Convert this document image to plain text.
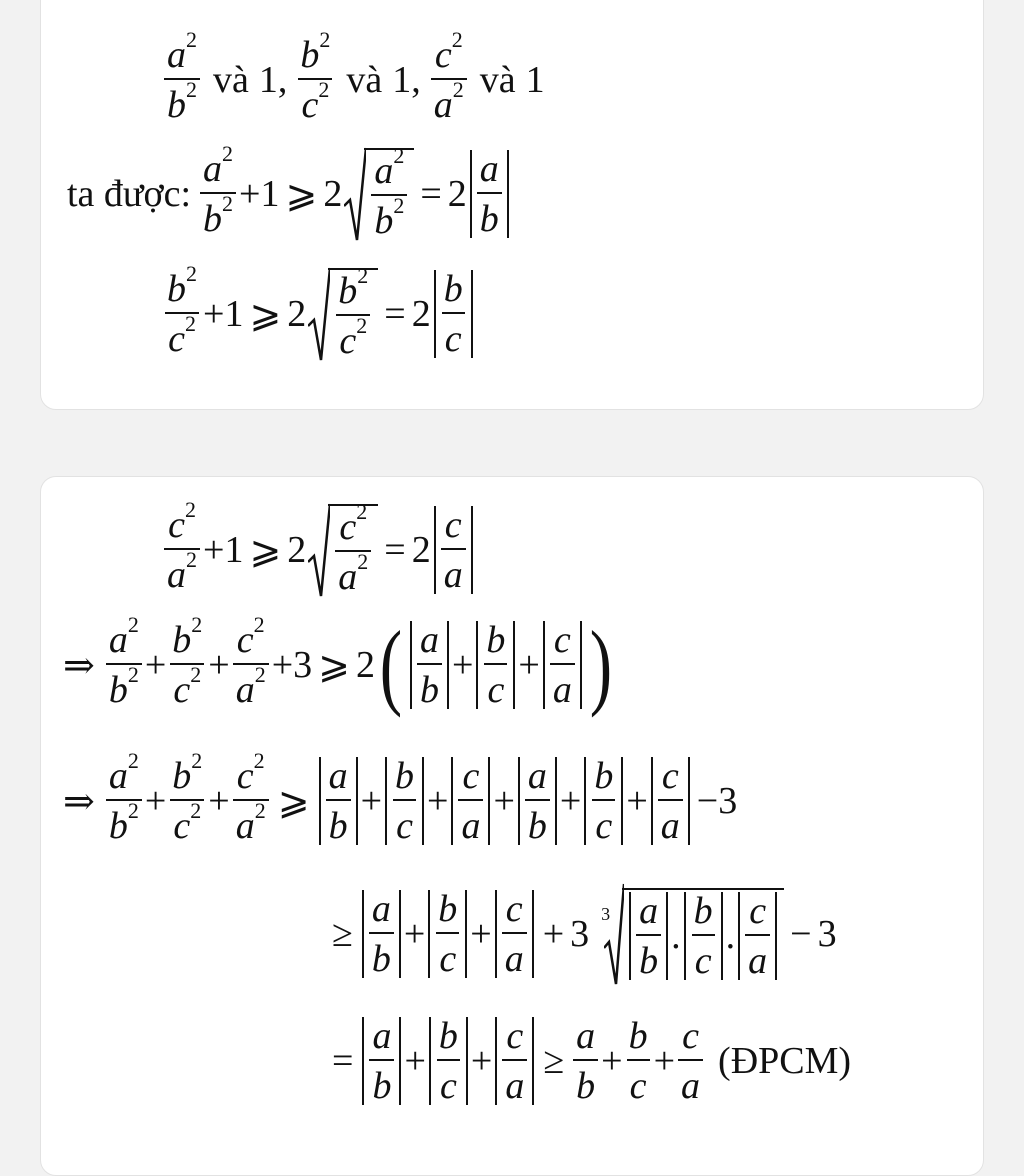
$\frac{a^2}{b^2}$ và 1 , $\frac{b^2}{c^2}$ và 1 , $\frac{c^2}{a^2}$ và 1
ta được: $\frac{a^2}{b^2} + 1$ ⩾ $2 \frac{a^2}{b^2} = 2 \frac{a}{b}$
$\frac{b^2}{c^2} + 1$ ⩾ $2 \frac{b^2}{c^2} = 2 \frac{b}{c}$
$\frac{c^2}{a^2} + 1$ ⩾ $2 \frac{c^2}{a^2} = 2 \frac{c}{a}$
⇒ $\frac{a^2}{b^2} + \frac{b^2}{c^2} + \frac{c^2}{a^2} + 3$ ⩾ 2 ( $\frac{a}{b} + \frac{b}{c} + \frac{c}{a}$ )
⇒ $\frac{a^2}{b^2} + \frac{b^2}{c^2} + \frac{c^2}{a^2}$ ⩾ $\frac{a}{b} + \frac{b}{c} + \frac{c}{a} + \frac{a}{b} + \frac{b}{c} + \frac{c}{a} - 3$
≥ $\frac{a}{b} + \frac{b}{c} + \frac{c}{a} + 3$ $3 \frac{a}{b}$ . $\frac{b}{c}$ . $\frac{c}{a} - 3$
= $\frac{a}{b} + \frac{b}{c} + \frac{c}{a} \ge \frac{a}{b} + \frac{b}{c} + \frac{c}{a}$ (ĐPCM)
